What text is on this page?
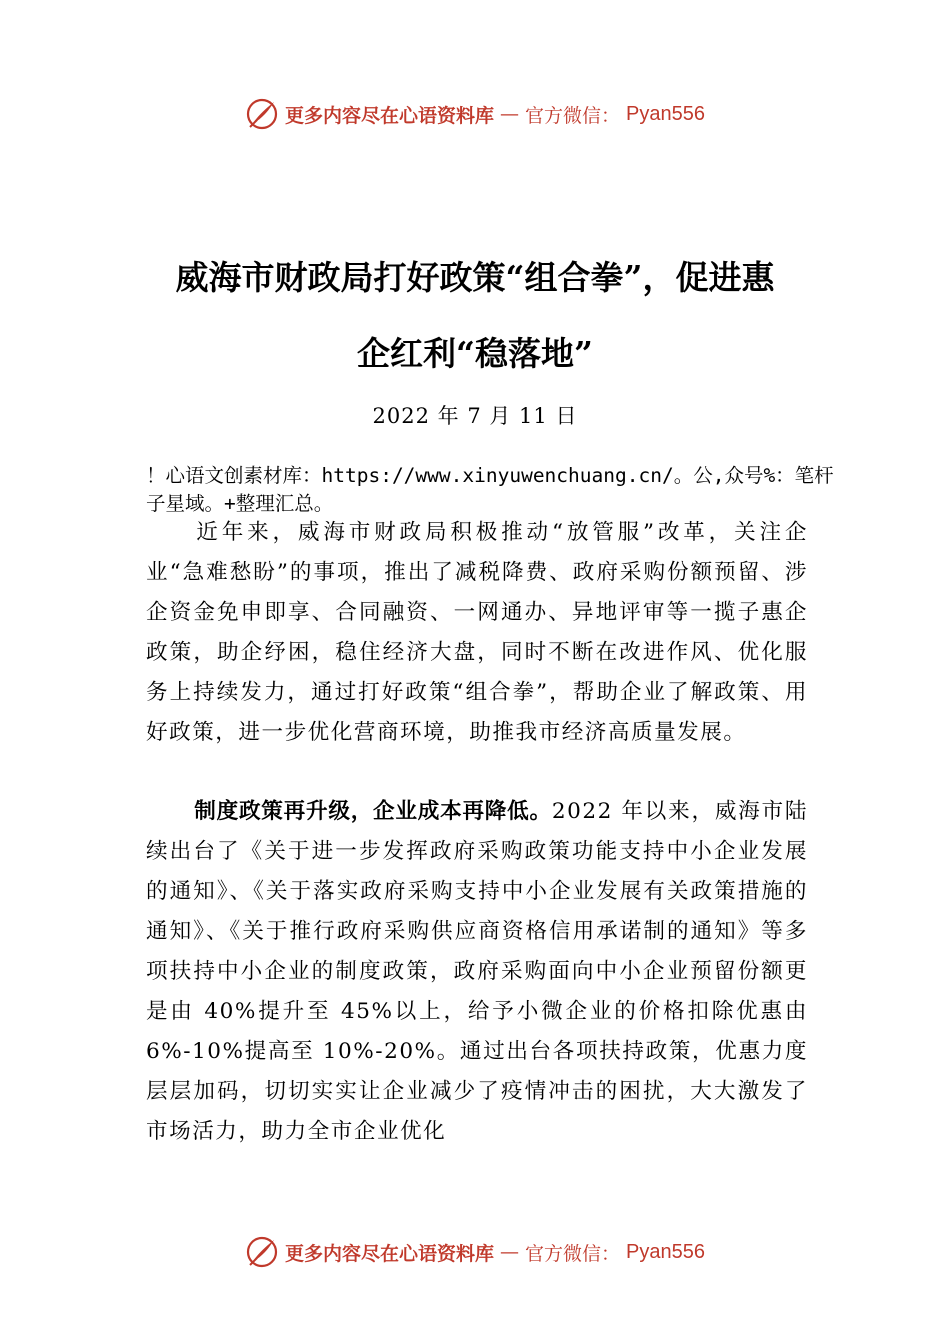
更多内容尽在心语资料库 — 官方微信： Pyan556
威海市财政局打好政策“组合拳”，促进惠
企红利“稳落地”
2022 年 7 月 11 日
！心语文创素材库：https://www.xinyuwenchuang.cn/。公,众号%：笔杆子星域。+整理汇总。
近年来，威海市财政局积极推动“放管服”改革，关注企业“急难愁盼”的事项，推出了减税降费、政府采购份额预留、涉企资金免申即享、合同融资、一网通办、异地评审等一揽子惠企政策，助企纾困，稳住经济大盘，同时不断在改进作风、优化服务上持续发力，通过打好政策“组合拳”，帮助企业了解政策、用好政策，进一步优化营商环境，助推我市经济高质量发展。
制度政策再升级，企业成本再降低。2022 年以来，威海市陆续出台了《关于进一步发挥政府采购政策功能支持中小企业发展的通知》、《关于落实政府采购支持中小企业发展有关政策措施的通知》、《关于推行政府采购供应商资格信用承诺制的通知》等多项扶持中小企业的制度政策，政府采购面向中小企业预留份额更是由 40%提升至 45%以上，给予小微企业的价格扣除优惠由 6%-10%提高至 10%-20%。通过出台各项扶持政策，优惠力度层层加码，切切实实让企业减少了疫情冲击的困扰，大大激发了市场活力，助力全市企业优化
更多内容尽在心语资料库 — 官方微信： Pyan556
